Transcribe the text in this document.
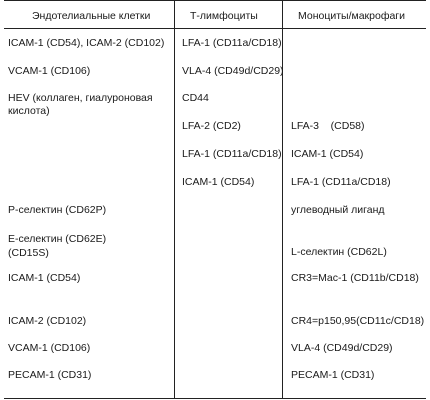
Эндотелиальные клетки	Т-лимфоциты	Моноциты/макрофаги
ICAM-1 (CD54), ICAM-2 (CD102)
VCAM-1 (CD106)
HEV (коллаген, гиалуроновая кислота)
Р-селектин (CD62P)
Е-селектин (CD62E)
(CD15S)
ICAM-1 (CD54)
ICAM-2 (CD102)
VCAM-1 (CD106)
PECAM-1 (CD31)
LFA-1 (CD11a/CD18)
VLA-4 (CD49d/CD29)
CD44
LFA-2 (CD2)
LFA-1 (CD11a/CD18)
ICAM-1 (CD54)
LFA-3    (CD58)
ICAM-1 (CD54)
LFA-1 (CD11a/CD18)
углеводный лиганд
L-селектин (CD62L)
CR3=Mac-1 (CD11b/CD18)
CR4=p150,95(CD11c/CD18)
VLA-4 (CD49d/CD29)
PECAM-1 (CD31)
